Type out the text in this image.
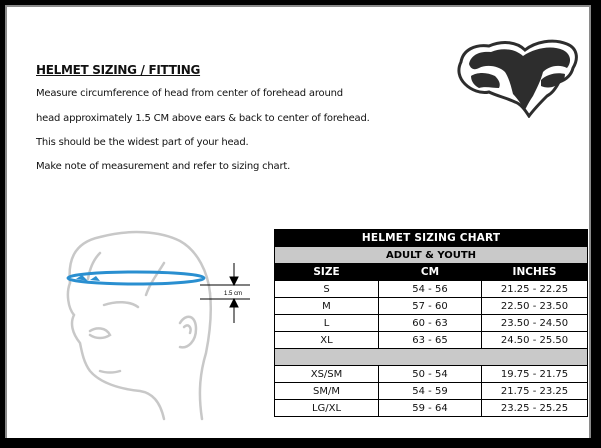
HELMET SIZING / FITTING
Measure circumference of head from center of forehead around
head approximately 1.5 CM above ears & back to center of forehead.
This should be the widest part of your head.
Make note of measurement and refer to sizing chart.
1.5 cm
HELMET SIZING CHART		
ADULT & YOUTH		
SIZE	CM	INCHES
S	54 - 56	21.25 - 22.25
M	57 - 60	22.50 - 23.50
L	60 - 63	23.50 - 24.50
XL	63 - 65	24.50 - 25.50

XS/SM	50 - 54	19.75 - 21.75
SM/M	54 - 59	21.75 - 23.25
LG/XL	59 - 64	23.25 - 25.25
